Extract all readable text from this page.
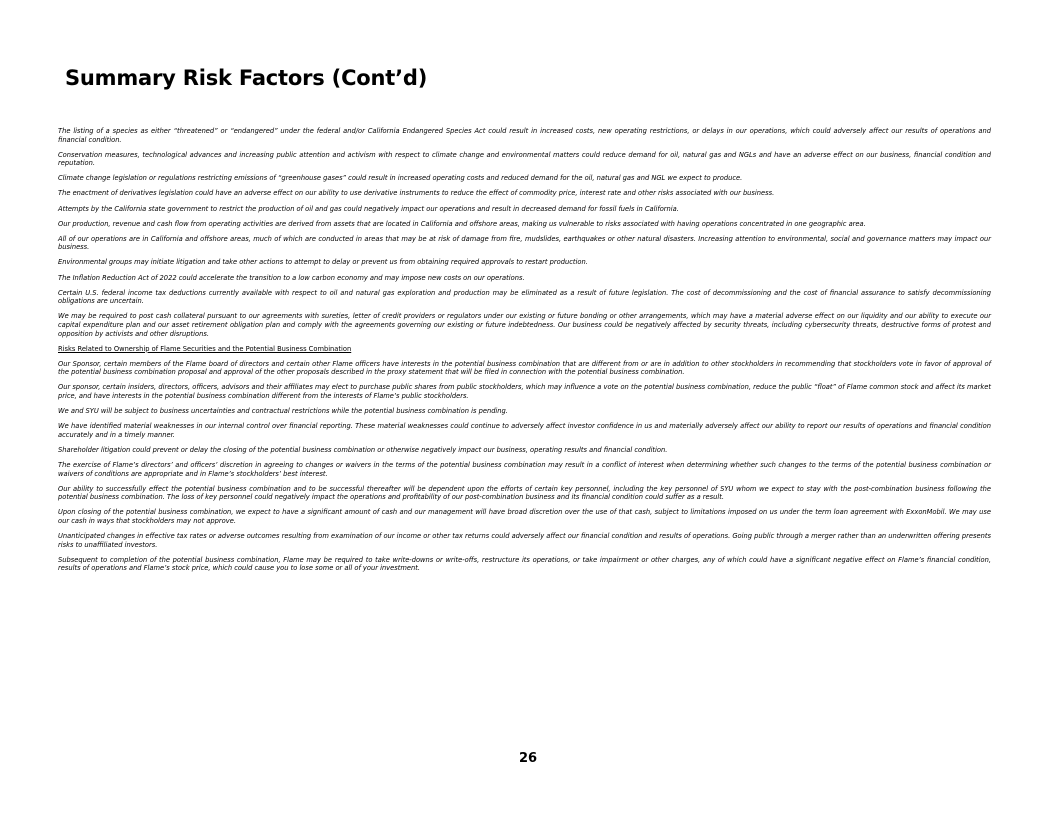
Summary Risk Factors (Cont’d)

The listing of a species as either “threatened” or “endangered” under the federal and/or California Endangered Species Act could result in increased costs, new operating restrictions, or delays in our operations, which could adversely affect our results of operations and financial condition.

Conservation measures, technological advances and increasing public attention and activism with respect to climate change and environmental matters could reduce demand for oil, natural gas and NGLs and have an adverse effect on our business, financial condition and reputation.

Climate change legislation or regulations restricting emissions of “greenhouse gases” could result in increased operating costs and reduced demand for the oil, natural gas and NGL we expect to produce.

The enactment of derivatives legislation could have an adverse effect on our ability to use derivative instruments to reduce the effect of commodity price, interest rate and other risks associated with our business.

Attempts by the California state government to restrict the production of oil and gas could negatively impact our operations and result in decreased demand for fossil fuels in California.

Our production, revenue and cash flow from operating activities are derived from assets that are located in California and offshore areas, making us vulnerable to risks associated with having operations concentrated in one geographic area.

All of our operations are in California and offshore areas, much of which are conducted in areas that may be at risk of damage from fire, mudslides, earthquakes or other natural disasters. Increasing attention to environmental, social and governance matters may impact our business.

Environmental groups may initiate litigation and take other actions to attempt to delay or prevent us from obtaining required approvals to restart production.

The Inflation Reduction Act of 2022 could accelerate the transition to a low carbon economy and may impose new costs on our operations.

Certain U.S. federal income tax deductions currently available with respect to oil and natural gas exploration and production may be eliminated as a result of future legislation. The cost of decommissioning and the cost of financial assurance to satisfy decommissioning obligations are uncertain.

We may be required to post cash collateral pursuant to our agreements with sureties, letter of credit providers or regulators under our existing or future bonding or other arrangements, which may have a material adverse effect on our liquidity and our ability to execute our capital expenditure plan and our asset retirement obligation plan and comply with the agreements governing our existing or future indebtedness. Our business could be negatively affected by security threats, including cybersecurity threats, destructive forms of protest and opposition by activists and other disruptions.

Risks Related to Ownership of Flame Securities and the Potential Business Combination

Our Sponsor, certain members of the Flame board of directors and certain other Flame officers have interests in the potential business combination that are different from or are in addition to other stockholders in recommending that stockholders vote in favor of approval of the potential business combination proposal and approval of the other proposals described in the proxy statement that will be filed in connection with the potential business combination.

Our sponsor, certain insiders, directors, officers, advisors and their affiliates may elect to purchase public shares from public stockholders, which may influence a vote on the potential business combination, reduce the public “float” of Flame common stock and affect its market price, and have interests in the potential business combination different from the interests of Flame’s public stockholders.

We and SYU will be subject to business uncertainties and contractual restrictions while the potential business combination is pending.

We have identified material weaknesses in our internal control over financial reporting. These material weaknesses could continue to adversely affect investor confidence in us and materially adversely affect our ability to report our results of operations and financial condition accurately and in a timely manner.

Shareholder litigation could prevent or delay the closing of the potential business combination or otherwise negatively impact our business, operating results and financial condition.

The exercise of Flame’s directors’ and officers’ discretion in agreeing to changes or waivers in the terms of the potential business combination may result in a conflict of interest when determining whether such changes to the terms of the potential business combination or waivers of conditions are appropriate and in Flame’s stockholders’ best interest.

Our ability to successfully effect the potential business combination and to be successful thereafter will be dependent upon the efforts of certain key personnel, including the key personnel of SYU whom we expect to stay with the post-combination business following the potential business combination. The loss of key personnel could negatively impact the operations and profitability of our post-combination business and its financial condition could suffer as a result.

Upon closing of the potential business combination, we expect to have a significant amount of cash and our management will have broad discretion over the use of that cash, subject to limitations imposed on us under the term loan agreement with ExxonMobil. We may use our cash in ways that stockholders may not approve.

Unanticipated changes in effective tax rates or adverse outcomes resulting from examination of our income or other tax returns could adversely affect our financial condition and results of operations. Going public through a merger rather than an underwritten offering presents risks to unaffiliated investors.

Subsequent to completion of the potential business combination, Flame may be required to take write-downs or write-offs, restructure its operations, or take impairment or other charges, any of which could have a significant negative effect on Flame’s financial condition, results of operations and Flame’s stock price, which could cause you to lose some or all of your investment.

26
